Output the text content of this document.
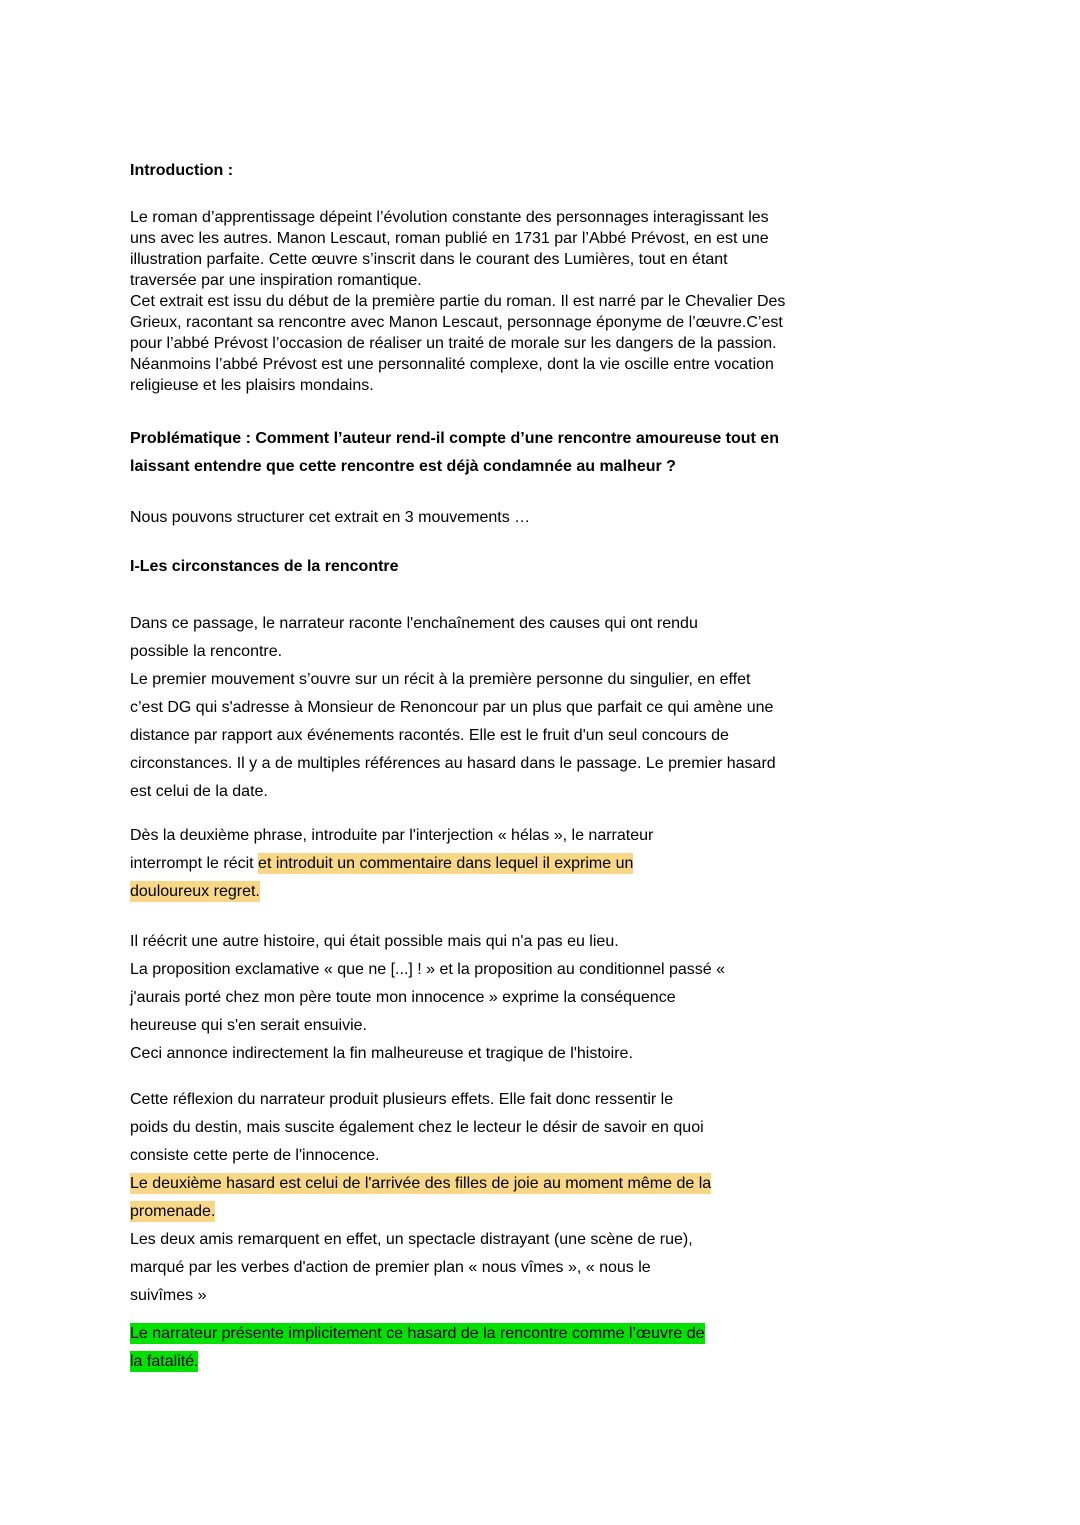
Introduction :
Le roman d’apprentissage dépeint l’évolution constante des personnages interagissant les
uns avec les autres. Manon Lescaut, roman publié en 1731 par l’Abbé Prévost, en est une
illustration parfaite. Cette œuvre s’inscrit dans le courant des Lumières, tout en étant
traversée par une inspiration romantique.
Cet extrait est issu du début de la première partie du roman. Il est narré par le Chevalier Des
Grieux, racontant sa rencontre avec Manon Lescaut, personnage éponyme de l’œuvre.C’est
pour l’abbé Prévost l’occasion de réaliser un traité de morale sur les dangers de la passion.
Néanmoins l’abbé Prévost est une personnalité complexe, dont la vie oscille entre vocation
religieuse et les plaisirs mondains.
Problématique : Comment l’auteur rend-il compte d’une rencontre amoureuse tout en
laissant entendre que cette rencontre est déjà condamnée au malheur ?
Nous pouvons structurer cet extrait en 3 mouvements …
I-Les circonstances de la rencontre
Dans ce passage, le narrateur raconte l'enchaînement des causes qui ont rendu
possible la rencontre.
Le premier mouvement s’ouvre sur un récit à la première personne du singulier, en effet
c’est DG qui s'adresse à Monsieur de Renoncour par un plus que parfait ce qui amène une
distance par rapport aux événements racontés. Elle est le fruit d'un seul concours de
circonstances. Il y a de multiples références au hasard dans le passage. Le premier hasard
est celui de la date.
Dès la deuxième phrase, introduite par l'interjection « hélas », le narrateur
interrompt le récit et introduit un commentaire dans lequel il exprime un
douloureux regret.
Il réécrit une autre histoire, qui était possible mais qui n'a pas eu lieu.
La proposition exclamative « que ne [...] ! » et la proposition au conditionnel passé «
j'aurais porté chez mon père toute mon innocence » exprime la conséquence
heureuse qui s'en serait ensuivie.
Ceci annonce indirectement la fin malheureuse et tragique de l'histoire.
Cette réflexion du narrateur produit plusieurs effets. Elle fait donc ressentir le
poids du destin, mais suscite également chez le lecteur le désir de savoir en quoi
consiste cette perte de l'innocence.
Le deuxième hasard est celui de l'arrivée des filles de joie au moment même de la
promenade.
Les deux amis remarquent en effet, un spectacle distrayant (une scène de rue),
marqué par les verbes d'action de premier plan « nous vîmes », « nous le
suivîmes »
Le narrateur présente implicitement ce hasard de la rencontre comme l’œuvre de
la fatalité.
